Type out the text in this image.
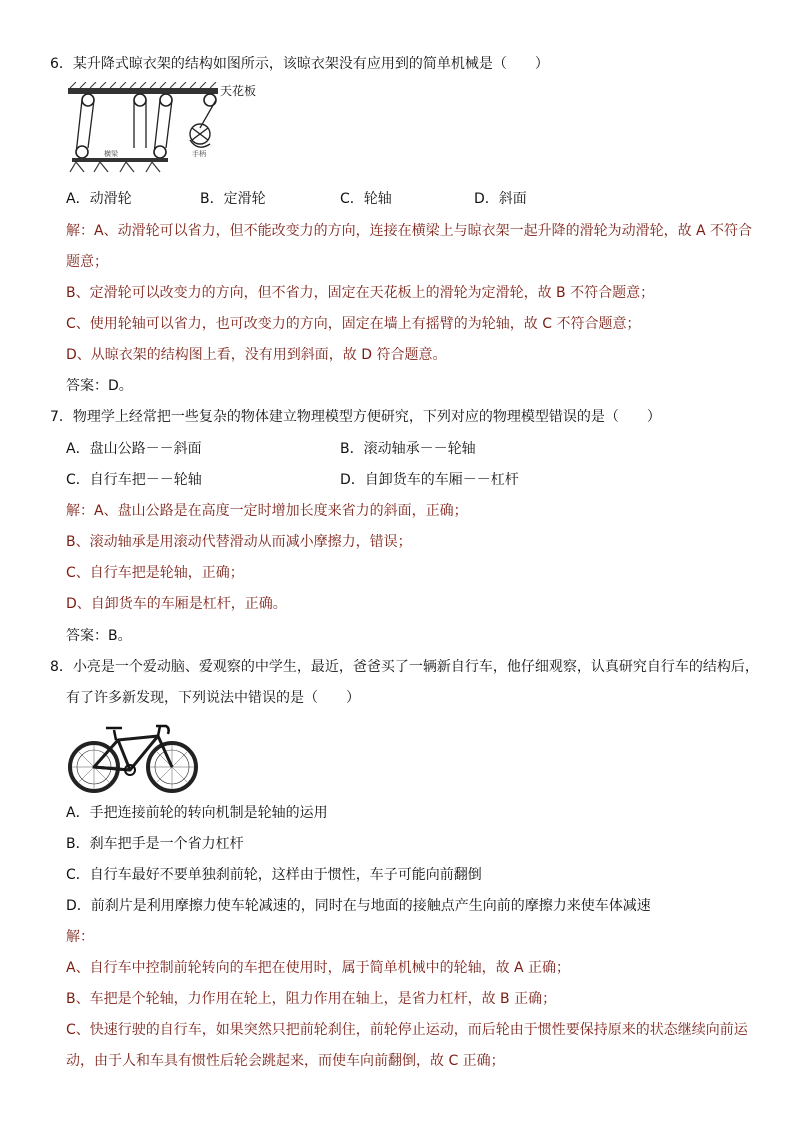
6．某升降式晾衣架的结构如图所示，该晾衣架没有应用到的简单机械是（　　）
天花板
横梁	手柄
A．动滑轮	B．定滑轮	C．轮轴	D．斜面
解：A、动滑轮可以省力，但不能改变力的方向，连接在横梁上与晾衣架一起升降的滑轮为动滑轮，故 A 不符合
题意；
B、定滑轮可以改变力的方向，但不省力，固定在天花板上的滑轮为定滑轮，故 B 不符合题意；
C、使用轮轴可以省力，也可改变力的方向，固定在墙上有摇臂的为轮轴，故 C 不符合题意；
D、从晾衣架的结构图上看，没有用到斜面，故 D 符合题意。
答案：D。
7．物理学上经常把一些复杂的物体建立物理模型方便研究，下列对应的物理模型错误的是（　　）
A．盘山公路－－斜面	B．滚动轴承－－轮轴
C．自行车把－－轮轴	D．自卸货车的车厢－－杠杆
解：A、盘山公路是在高度一定时增加长度来省力的斜面，正确；
B、滚动轴承是用滚动代替滑动从而减小摩擦力，错误；
C、自行车把是轮轴，正确；
D、自卸货车的车厢是杠杆，正确。
答案：B。
8．小亮是一个爱动脑、爱观察的中学生，最近，爸爸买了一辆新自行车，他仔细观察，认真研究自行车的结构后，
有了许多新发现，下列说法中错误的是（　　）
A．手把连接前轮的转向机制是轮轴的运用
B．刹车把手是一个省力杠杆
C．自行车最好不要单独刹前轮，这样由于惯性，车子可能向前翻倒
D．前刹片是利用摩擦力使车轮减速的，同时在与地面的接触点产生向前的摩擦力来使车体减速
解：
A、自行车中控制前轮转向的车把在使用时，属于简单机械中的轮轴，故 A 正确；
B、车把是个轮轴，力作用在轮上，阻力作用在轴上，是省力杠杆，故 B 正确；
C、快速行驶的自行车，如果突然只把前轮刹住，前轮停止运动，而后轮由于惯性要保持原来的状态继续向前运
动，由于人和车具有惯性后轮会跳起来，而使车向前翻倒，故 C 正确；
